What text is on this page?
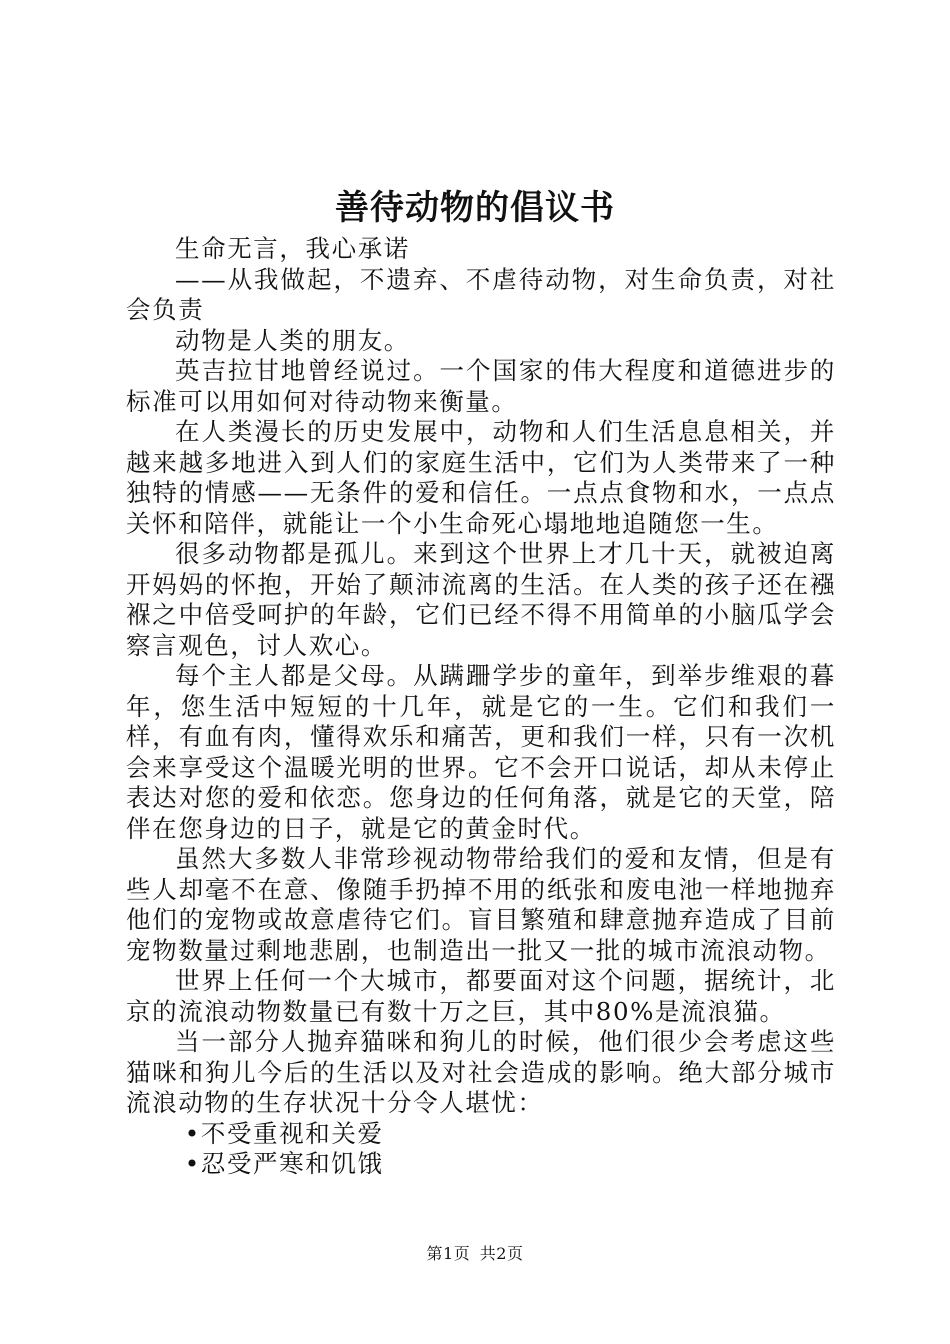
善待动物的倡议书

生命无言，我心承诺

——从我做起，不遗弃、不虐待动物，对生命负责，对社会负责

动物是人类的朋友。

英吉拉甘地曾经说过。一个国家的伟大程度和道德进步的标准可以用如何对待动物来衡量。

在人类漫长的历史发展中，动物和人们生活息息相关，并越来越多地进入到人们的家庭生活中，它们为人类带来了一种独特的情感——无条件的爱和信任。一点点食物和水，一点点关怀和陪伴，就能让一个小生命死心塌地地追随您一生。

很多动物都是孤儿。来到这个世界上才几十天，就被迫离开妈妈的怀抱，开始了颠沛流离的生活。在人类的孩子还在襁褓之中倍受呵护的年龄，它们已经不得不用简单的小脑瓜学会察言观色，讨人欢心。

每个主人都是父母。从蹒跚学步的童年，到举步维艰的暮年，您生活中短短的十几年，就是它的一生。它们和我们一样，有血有肉，懂得欢乐和痛苦，更和我们一样，只有一次机会来享受这个温暖光明的世界。它不会开口说话，却从未停止表达对您的爱和依恋。您身边的任何角落，就是它的天堂，陪伴在您身边的日子，就是它的黄金时代。

虽然大多数人非常珍视动物带给我们的爱和友情，但是有些人却毫不在意、像随手扔掉不用的纸张和废电池一样地抛弃他们的宠物或故意虐待它们。盲目繁殖和肆意抛弃造成了目前宠物数量过剩地悲剧，也制造出一批又一批的城市流浪动物。

世界上任何一个大城市，都要面对这个问题，据统计，北京的流浪动物数量已有数十万之巨，其中80%是流浪猫。

当一部分人抛弃猫咪和狗儿的时候，他们很少会考虑这些猫咪和狗儿今后的生活以及对社会造成的影响。绝大部分城市流浪动物的生存状况十分令人堪忧：

•不受重视和关爱

•忍受严寒和饥饿

第1页 共2页
